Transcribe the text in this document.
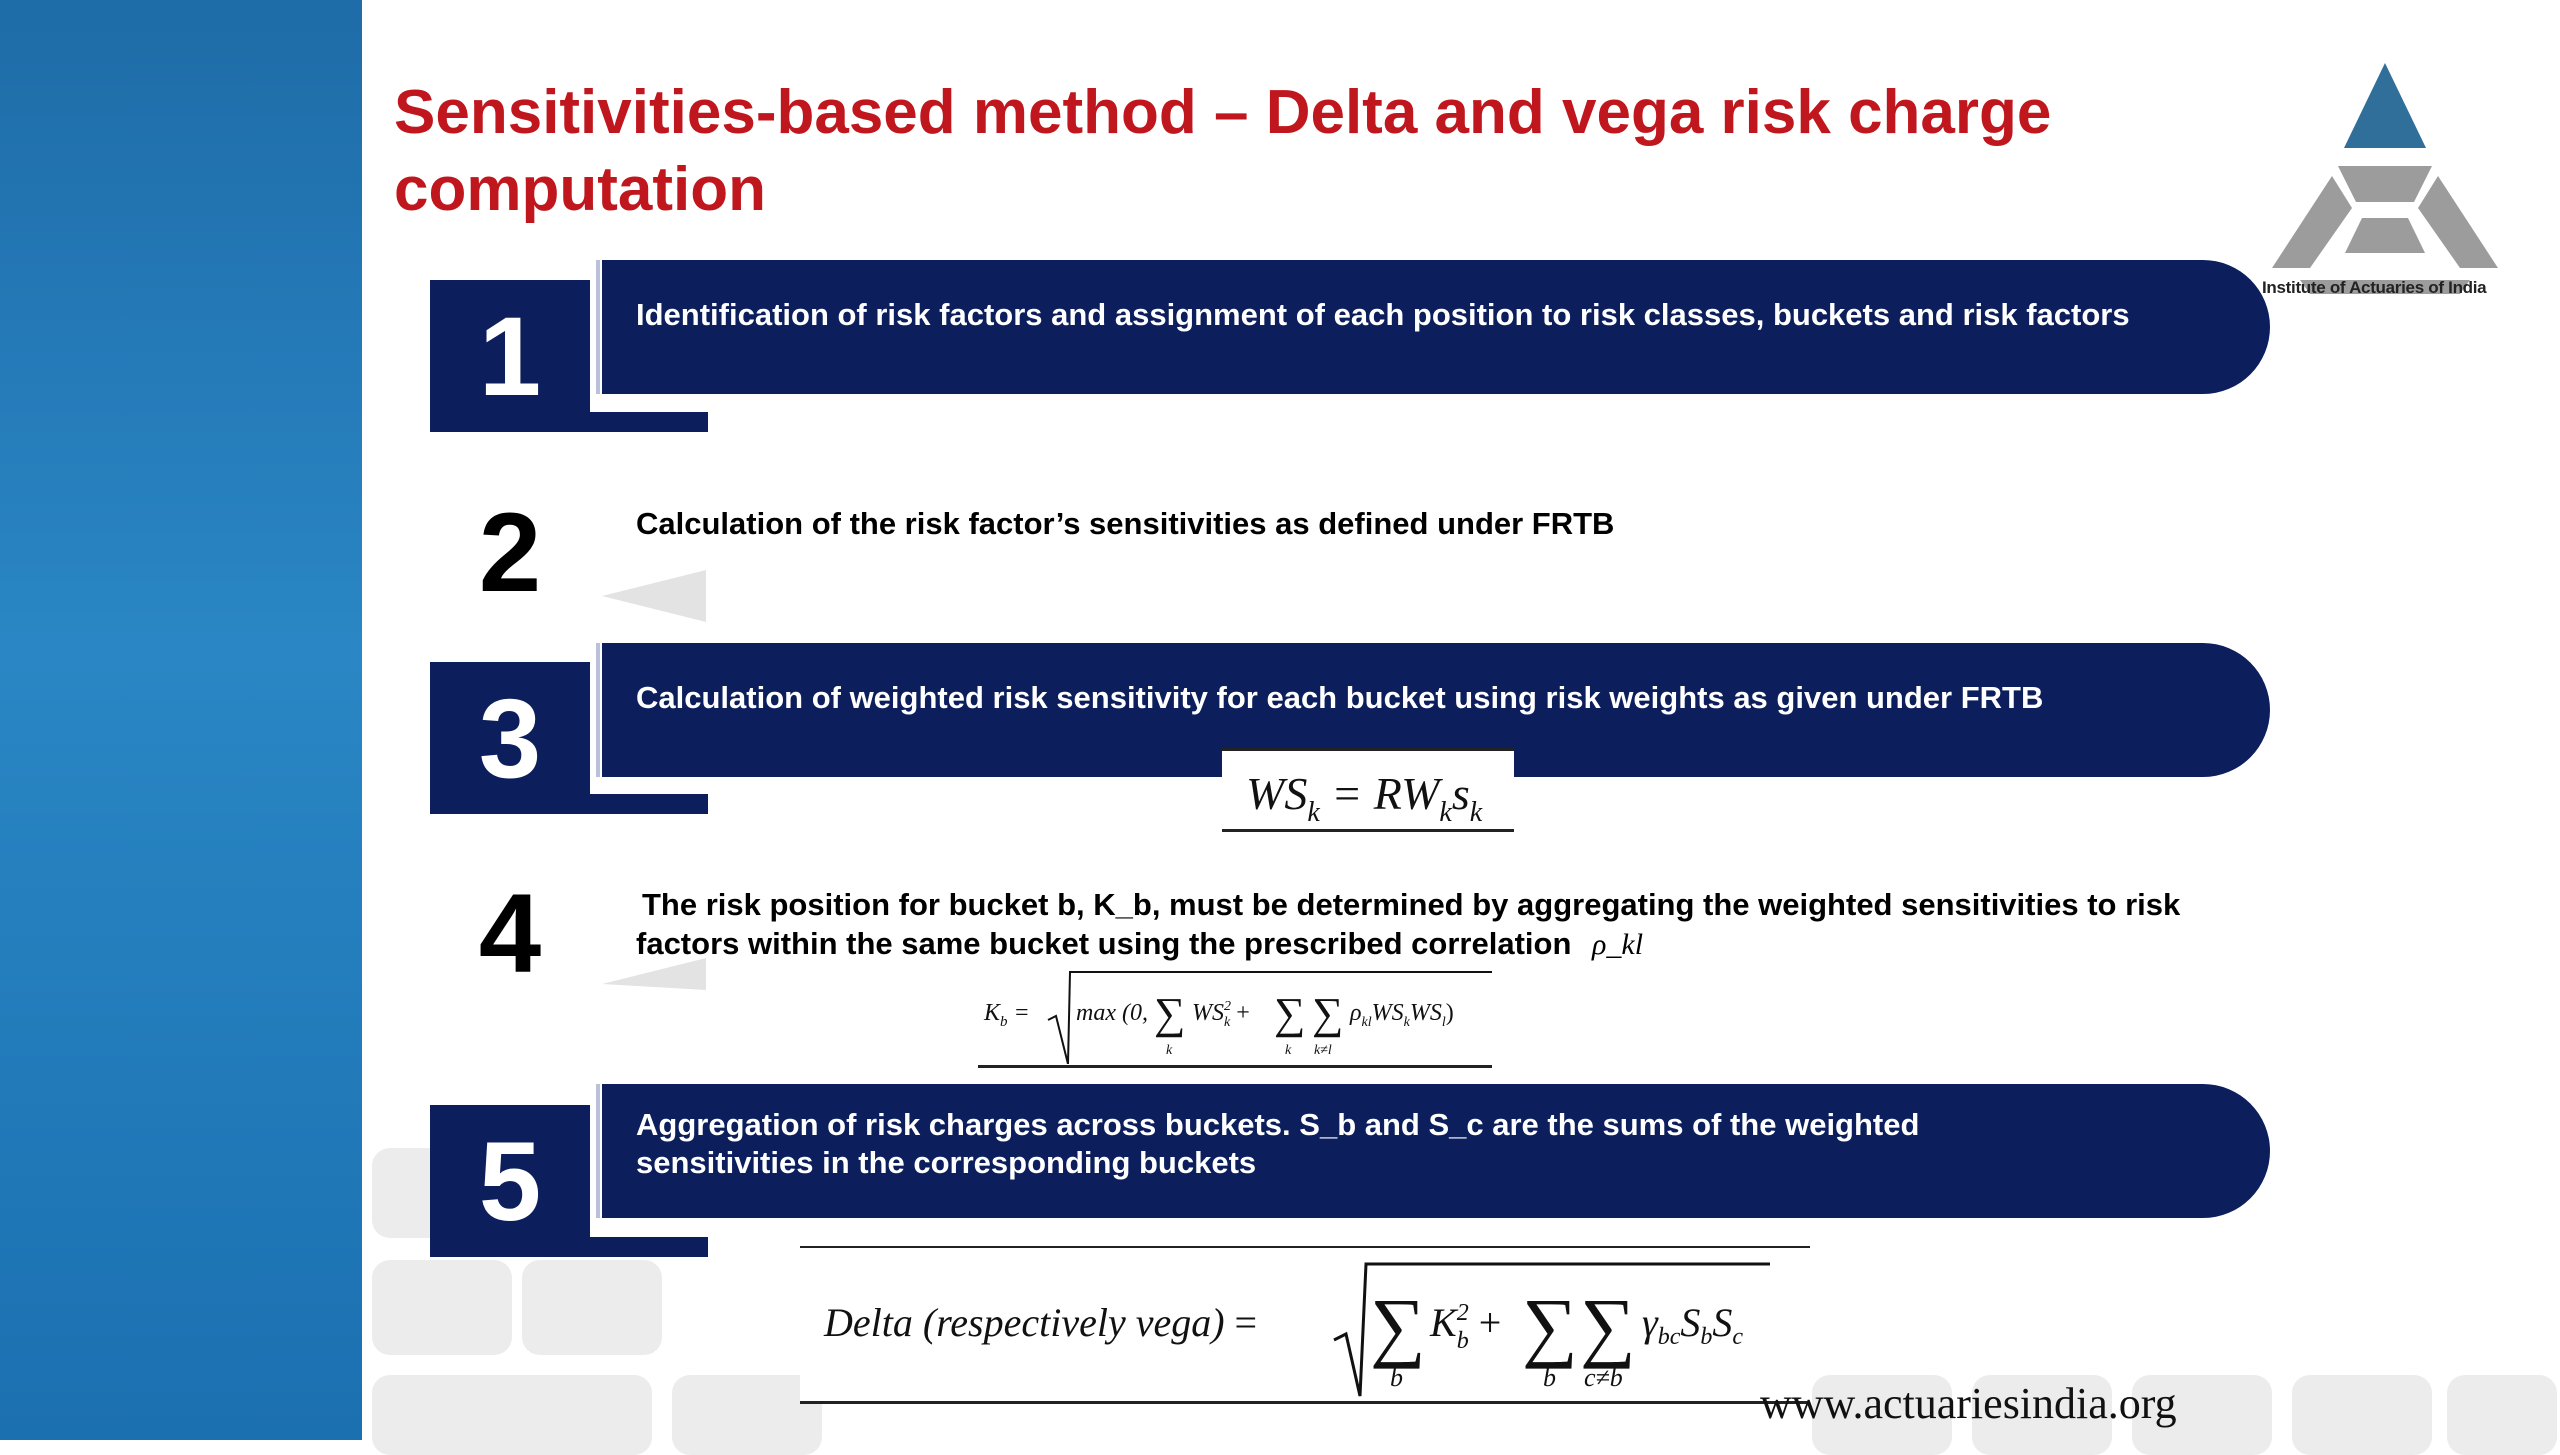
Sensitivities-based method – Delta and vega risk charge computation
Institute of Actuaries of India
Identification of risk factors and assignment of each position to risk classes, buckets and risk factors
1
2	Calculation of the risk factor’s sensitivities as defined under FRTB
Calculation of weighted risk sensitivity for each bucket using risk weights as given under FRTB
3	$WS_k = RW_ks_k$
4	The risk position for bucket b, K_b, must be determined by aggregating the weighted sensitivities to risk
factors within the same bucket using the prescribed correlation ρ_kl
$K_b = \max (0$, ∑
k
$WS^2$ k + ∑
k
∑
k≠l
$\rho_{kl}WS_kWS_l$)
Aggregation of risk charges across buckets. S_b and S_c are the sums of the weighted
sensitivities in the corresponding buckets
5
Delta (respectively vega) = ∑
b
$K^2$ b + ∑
b
∑
c≠b
$\gamma_{bc}S_bS_c$
www.actuariesindia.org
